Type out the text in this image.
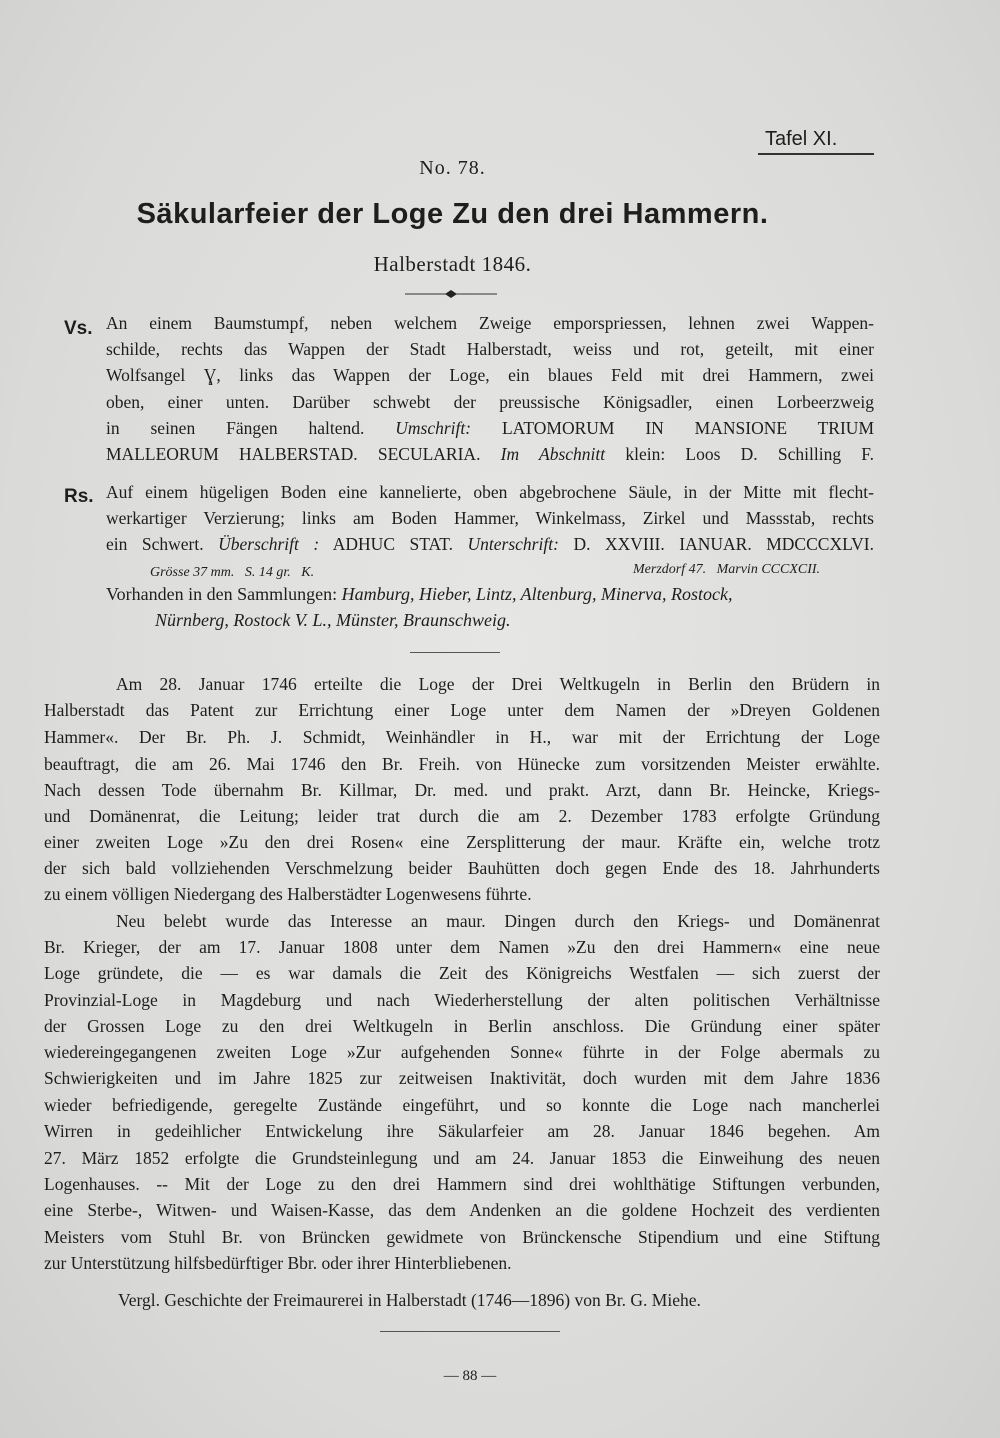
Tafel XI.
No. 78.
Säkularfeier der Loge Zu den drei Hammern.
Halberstadt 1846.
Vs. An einem Baumstumpf, neben welchem Zweige emporspriessen, lehnen zwei Wappen-
schilde, rechts das Wappen der Stadt Halberstadt, weiss und rot, geteilt, mit einer
Wolfsangel Ɣ, links das Wappen der Loge, ein blaues Feld mit drei Hammern, zwei
oben, einer unten. Darüber schwebt der preussische Königsadler, einen Lorbeerzweig
in seinen Fängen haltend. Umschrift: LATOMORUM IN MANSIONE TRIUM
MALLEORUM HALBERSTAD. SECULARIA. Im Abschnitt klein: Loos D. Schilling F.
Rs. Auf einem hügeligen Boden eine kannelierte, oben abgebrochene Säule, in der Mitte mit flecht-
werkartiger Verzierung; links am Boden Hammer, Winkelmass, Zirkel und Massstab, rechts
ein Schwert. Überschrift : ADHUC STAT. Unterschrift: D. XXVIII. IANUAR. MDCCCXLVI.
Grösse 37 mm.   S. 14 gr.   K.	Merzdorf 47.   Marvin CCCXCII.
Vorhanden in den Sammlungen: Hamburg, Hieber, Lintz, Altenburg, Minerva, Rostock,
Nürnberg, Rostock V. L., Münster, Braunschweig.
Am 28. Januar 1746 erteilte die Loge der Drei Weltkugeln in Berlin den Brüdern in
Halberstadt das Patent zur Errichtung einer Loge unter dem Namen der »Dreyen Goldenen
Hammer«. Der Br. Ph. J. Schmidt, Weinhändler in H., war mit der Errichtung der Loge
beauftragt, die am 26. Mai 1746 den Br. Freih. von Hünecke zum vorsitzenden Meister erwählte.
Nach dessen Tode übernahm Br. Killmar, Dr. med. und prakt. Arzt, dann Br. Heincke, Kriegs-
und Domänenrat, die Leitung; leider trat durch die am 2. Dezember 1783 erfolgte Gründung
einer zweiten Loge »Zu den drei Rosen« eine Zersplitterung der maur. Kräfte ein, welche trotz
der sich bald vollziehenden Verschmelzung beider Bauhütten doch gegen Ende des 18. Jahrhunderts
zu einem völligen Niedergang des Halberstädter Logenwesens führte.
Neu belebt wurde das Interesse an maur. Dingen durch den Kriegs- und Domänenrat
Br. Krieger, der am 17. Januar 1808 unter dem Namen »Zu den drei Hammern« eine neue
Loge gründete, die — es war damals die Zeit des Königreichs Westfalen — sich zuerst der
Provinzial-Loge in Magdeburg und nach Wiederherstellung der alten politischen Verhältnisse
der Grossen Loge zu den drei Weltkugeln in Berlin anschloss. Die Gründung einer später
wiedereingegangenen zweiten Loge »Zur aufgehenden Sonne« führte in der Folge abermals zu
Schwierigkeiten und im Jahre 1825 zur zeitweisen Inaktivität, doch wurden mit dem Jahre 1836
wieder befriedigende, geregelte Zustände eingeführt, und so konnte die Loge nach mancherlei
Wirren in gedeihlicher Entwickelung ihre Säkularfeier am 28. Januar 1846 begehen. Am
27. März 1852 erfolgte die Grundsteinlegung und am 24. Januar 1853 die Einweihung des neuen
Logenhauses. -- Mit der Loge zu den drei Hammern sind drei wohlthätige Stiftungen verbunden,
eine Sterbe-, Witwen- und Waisen-Kasse, das dem Andenken an die goldene Hochzeit des verdienten
Meisters vom Stuhl Br. von Brüncken gewidmete von Brünckensche Stipendium und eine Stiftung
zur Unterstützung hilfsbedürftiger Bbr. oder ihrer Hinterbliebenen.
Vergl. Geschichte der Freimaurerei in Halberstadt (1746—1896) von Br. G. Miehe.
— 88 —
